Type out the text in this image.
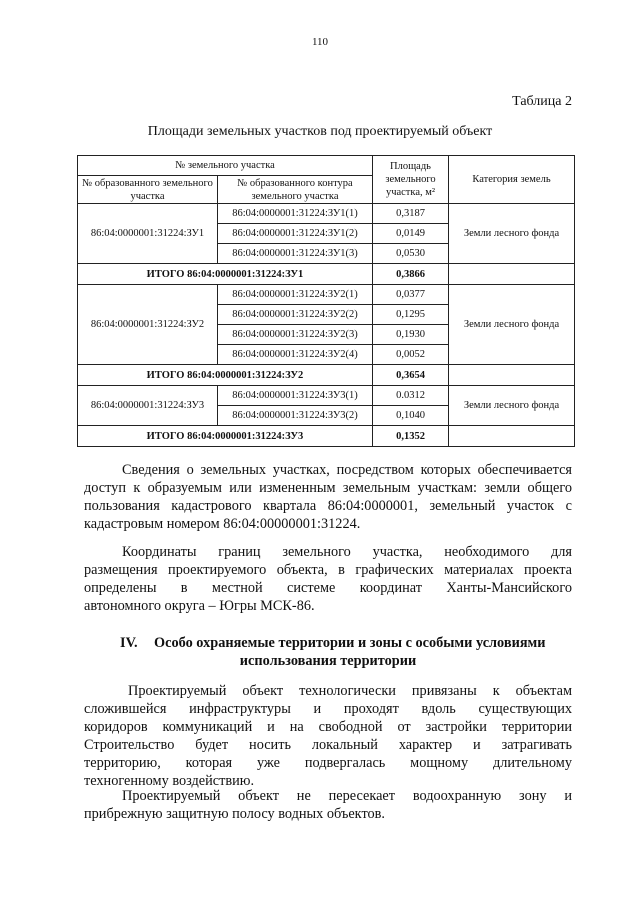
110
Таблица 2
Площади земельных участков под проектируемый объект
№ земельного участка		Площадь земельного участка, м²	Категория земель
№ образованного земельного участка	№ образованного контура земельного участка		
86:04:0000001:31224:ЗУ1	86:04:0000001:31224:ЗУ1(1)	0,3187	Земли лесного фонда
	86:04:0000001:31224:ЗУ1(2)	0,0149	
	86:04:0000001:31224:ЗУ1(3)	0,0530	
ИТОГО 86:04:0000001:31224:ЗУ1		0,3866	
86:04:0000001:31224:ЗУ2	86:04:0000001:31224:ЗУ2(1)	0,0377	Земли лесного фонда
	86:04:0000001:31224:ЗУ2(2)	0,1295	
	86:04:0000001:31224:ЗУ2(3)	0,1930	
	86:04:0000001:31224:ЗУ2(4)	0,0052	
ИТОГО 86:04:0000001:31224:ЗУ2		0,3654	
86:04:0000001:31224:ЗУ3	86:04:0000001:31224:ЗУ3(1)	0.0312	Земли лесного фонда
	86:04:0000001:31224:ЗУ3(2)	0,1040	
ИТОГО 86:04:0000001:31224:ЗУ3		0,1352	
Сведения о земельных участках, посредством которых обеспечивается
доступ к образуемым или измененным земельным участкам: земли общего
пользования кадастрового квартала 86:04:0000001, земельный участок с
кадастровым номером 86:04:00000001:31224.
Координаты границ земельного участка, необходимого для
размещения проектируемого объекта, в графических материалах проекта
определены в местной системе координат Ханты-Мансийского
автономного округа – Югры МСК-86.
IV. Особо охраняемые территории и зоны с особыми условиями
использования территории
Проектируемый объект технологически привязаны к объектам
сложившейся инфраструктуры и проходят вдоль существующих
коридоров коммуникаций и на свободной от застройки территории
Строительство будет носить локальный характер и затрагивать
территорию, которая уже подвергалась мощному длительному
техногенному воздействию.
Проектируемый объект не пересекает водоохранную зону и
прибрежную защитную полосу водных объектов.
